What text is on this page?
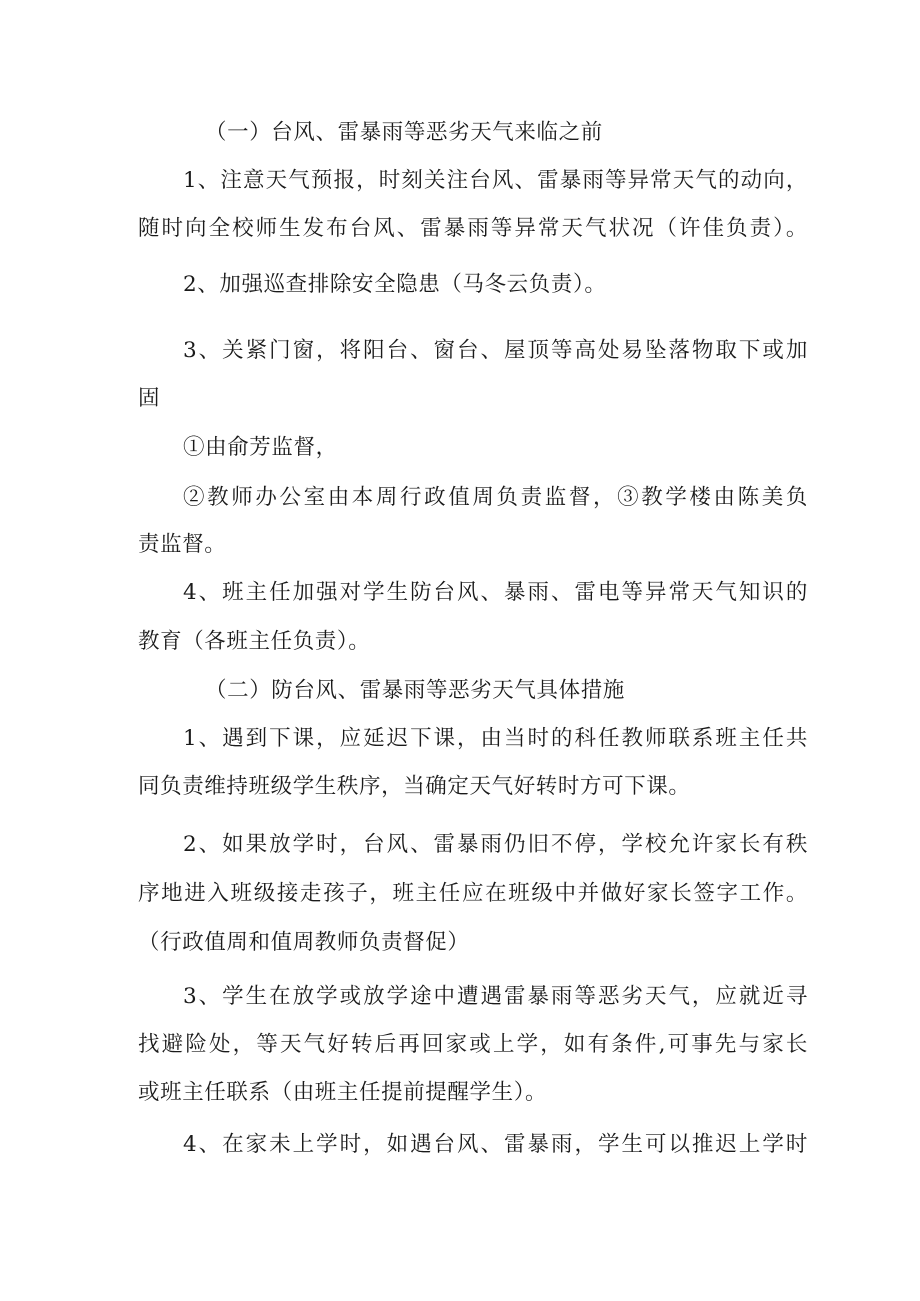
（一）台风、雷暴雨等恶劣天气来临之前
1、注意天气预报，时刻关注台风、雷暴雨等异常天气的动向，
随时向全校师生发布台风、雷暴雨等异常天气状况（许佳负责）。
2、加强巡查排除安全隐患（马冬云负责）。
3、关紧门窗，将阳台、窗台、屋顶等高处易坠落物取下或加
固
①由俞芳监督，
②教师办公室由本周行政值周负责监督，③教学楼由陈美负
责监督。
4、班主任加强对学生防台风、暴雨、雷电等异常天气知识的
教育（各班主任负责）。
（二）防台风、雷暴雨等恶劣天气具体措施
1、遇到下课，应延迟下课，由当时的科任教师联系班主任共
同负责维持班级学生秩序，当确定天气好转时方可下课。
2、如果放学时，台风、雷暴雨仍旧不停，学校允许家长有秩
序地进入班级接走孩子，班主任应在班级中并做好家长签字工作。
（行政值周和值周教师负责督促）
3、学生在放学或放学途中遭遇雷暴雨等恶劣天气，应就近寻
找避险处，等天气好转后再回家或上学，如有条件,可事先与家长
或班主任联系（由班主任提前提醒学生）。
4、在家未上学时，如遇台风、雷暴雨，学生可以推迟上学时
